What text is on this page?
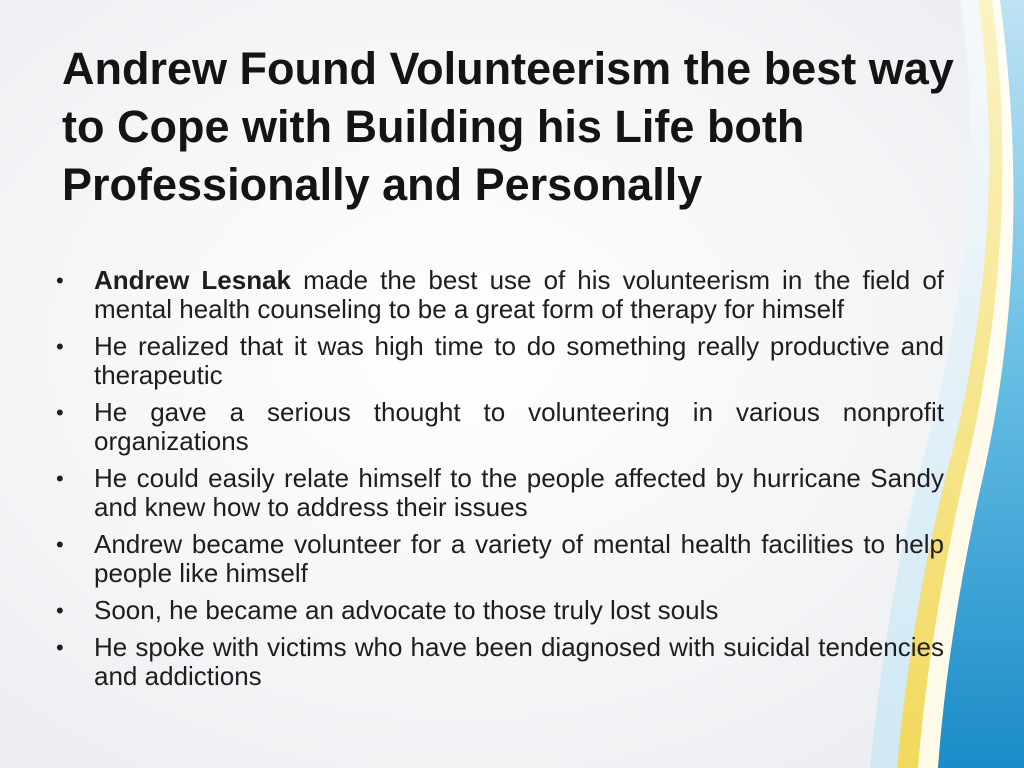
Andrew Found Volunteerism the best way to Cope with Building his Life both Professionally and Personally
•	Andrew Lesnak made the best use of his volunteerism in the field of mental health counseling to be a great form of therapy for himself
•	He realized that it was high time to do something really productive and therapeutic
•	He gave a serious thought to volunteering in various nonprofit organizations
•	He could easily relate himself to the people affected by hurricane Sandy and knew how to address their issues
•	Andrew became volunteer for a variety of mental health facilities to help people like himself
•	Soon, he became an advocate to those truly lost souls
•	He spoke with victims who have been diagnosed with suicidal tendencies and addictions
